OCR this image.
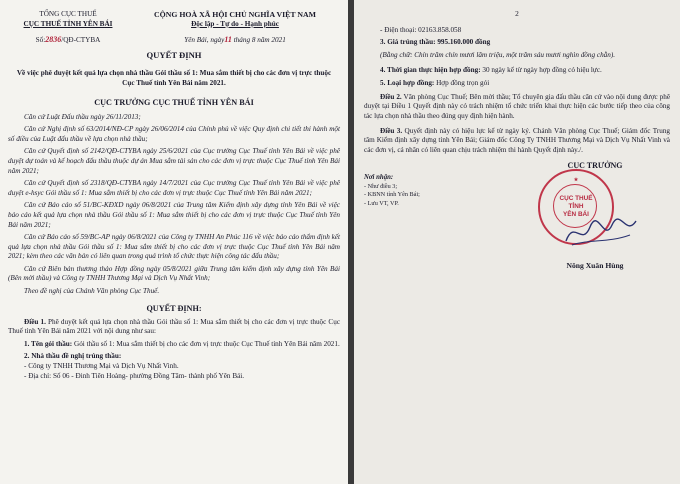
TỔNG CỤC THUẾ

CỤC THUẾ TỈNH YÊN BÁI

Số:2836/QĐ-CTYBA

CỘNG HOÀ XÃ HỘI CHỦ NGHĨA VIỆT NAM

Độc lập - Tự do - Hạnh phúc

Yên Bái, ngày11 tháng 8 năm 2021

QUYẾT ĐỊNH

Về việc phê duyệt kết quả lựa chọn nhà thầu Gói thầu số 1: Mua sắm thiết bị cho các đơn vị trực thuộc Cục Thuế tỉnh Yên Bái năm 2021.

CỤC TRƯỞNG CỤC THUẾ TỈNH YÊN BÁI

Căn cứ Luật Đấu thầu ngày 26/11/2013;

Căn cứ Nghị định số 63/2014/NĐ-CP ngày 26/06/2014 của Chính phủ về việc Quy định chi tiết thi hành một số điều của Luật đấu thầu về lựa chọn nhà thầu;

Căn cứ Quyết định số 2142/QĐ-CTYBA ngày 25/6/2021 của Cục trưởng Cục Thuế tỉnh Yên Bái về việc phê duyệt dự toán và kế hoạch đấu thầu thuộc dự án Mua sắm tài sản cho các đơn vị trực thuộc Cục Thuế tỉnh Yên Bái năm 2021;

Căn cứ Quyết định số 2318/QĐ-CTYBA ngày 14/7/2021 của Cục trưởng Cục Thuế tỉnh Yên Bái về việc phê duyệt e-hsyc Gói thầu số 1: Mua sắm thiết bị cho các đơn vị trực thuộc Cục Thuế tỉnh Yên Bái năm 2021;

Căn cứ Báo cáo số 51/BC-KĐXD ngày 06/8/2021 của Trung tâm Kiểm định xây dựng tỉnh Yên Bái về việc báo cáo kết quả lựa chọn nhà thầu Gói thầu số 1: Mua sắm thiết bị cho các đơn vị trực thuộc Cục Thuế tỉnh Yên Bái năm 2021;

Căn cứ Báo cáo số 59/BC-AP ngày 06/8/2021 của Công ty TNHH An Phúc 116 về việc báo cáo thẩm định kết quả lựa chọn nhà thầu Gói thầu số 1: Mua sắm thiết bị cho các đơn vị trực thuộc Cục Thuế tỉnh Yên Bái năm 2021; kèm theo các văn bản có liên quan trong quá trình tổ chức thực hiện công tác đấu thầu;

Căn cứ Biên bản thương thảo Hợp đồng ngày 05/8/2021 giữa Trung tâm kiểm định xây dựng tỉnh Yên Bái (Bên mời thầu) và Công ty TNHH Thương Mại và Dịch Vụ Nhất Vinh;

Theo đề nghị của Chánh Văn phòng Cục Thuế.

QUYẾT ĐỊNH:

Điều 1. Phê duyệt kết quả lựa chọn nhà thầu Gói thầu số 1: Mua sắm thiết bị cho các đơn vị trực thuộc Cục Thuế tỉnh Yên Bái năm 2021 với nội dung như sau:

1. Tên gói thầu: Gói thầu số 1: Mua sắm thiết bị cho các đơn vị trực thuộc Cục Thuế tỉnh Yên Bái năm 2021.

2. Nhà thầu đề nghị trúng thầu:

- Công ty TNHH Thương Mại và Dịch Vụ Nhất Vinh.

- Địa chỉ: Số 06 - Đinh Tiên Hoàng- phường Đồng Tâm- thành phố Yên Bái.

2

- Điện thoại: 02163.858.058

3. Giá trúng thầu: 995.160.000 đồng

(Bằng chữ: Chín trăm chín mươi lăm triệu, một trăm sáu mươi nghìn đồng chẵn).

4. Thời gian thực hiện hợp đồng: 30 ngày kể từ ngày hợp đồng có hiệu lực.

5. Loại hợp đồng: Hợp đồng trọn gói

Điều 2. Văn phòng Cục Thuế; Bên mời thầu; Tổ chuyên gia đấu thầu căn cứ vào nội dung được phê duyệt tại Điều 1 Quyết định này có trách nhiệm tổ chức triển khai thực hiện các bước tiếp theo của công tác lựa chọn nhà thầu theo đúng quy định hiện hành.

Điều 3. Quyết định này có hiệu lực kể từ ngày ký. Chánh Văn phòng Cục Thuế; Giám đốc Trung tâm Kiểm định xây dựng tỉnh Yên Bái; Giám đốc Công Ty TNHH Thương Mại và Dịch Vụ Nhất Vinh và các đơn vị, cá nhân có liên quan chịu trách nhiệm thi hành Quyết định này./.

Nơi nhận:

- Như điều 3;

- KBNN tỉnh Yên Bái;

- Lưu VT, VP.

CỤC TRƯỞNG

★
CỤC THUẾ
TỈNH
YÊN BÁI

Nông Xuân Hùng
